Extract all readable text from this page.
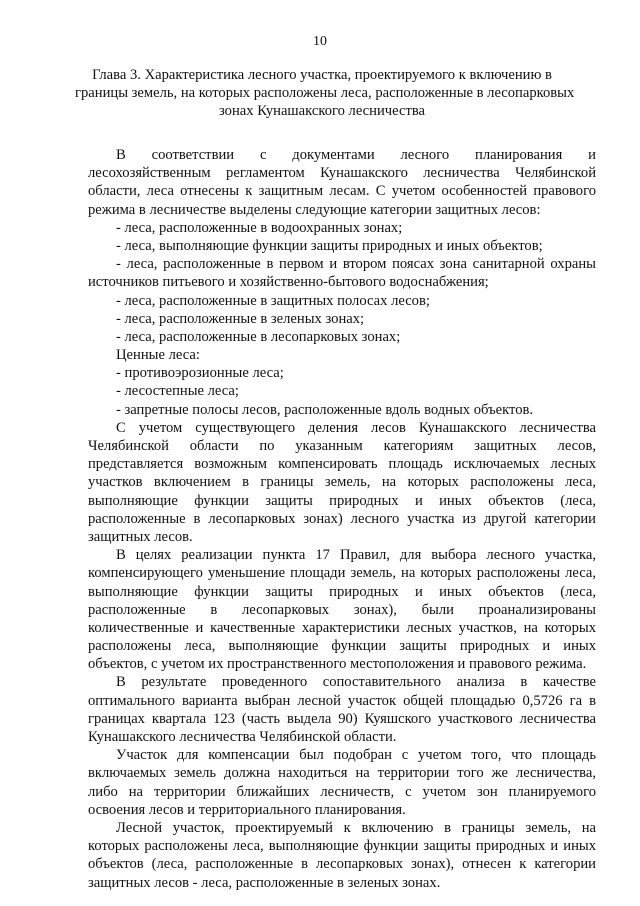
10
Глава 3. Характеристика лесного участка, проектируемого к включению в
границы земель, на которых расположены леса, расположенные в лесопарковых
зонах Кунашакского лесничества
В соответствии с документами лесного планирования и
лесохозяйственным регламентом Кунашакского лесничества Челябинской
области, леса отнесены к защитным лесам. С учетом особенностей правового
режима в лесничестве выделены следующие категории защитных лесов:
- леса, расположенные в водоохранных зонах;
- леса, выполняющие функции защиты природных и иных объектов;
- леса, расположенные в первом и втором поясах зона санитарной охраны
источников питьевого и хозяйственно-бытового водоснабжения;
- леса, расположенные в защитных полосах лесов;
- леса, расположенные в зеленых зонах;
- леса, расположенные в лесопарковых зонах;
Ценные леса:
- противоэрозионные леса;
- лесостепные леса;
- запретные полосы лесов, расположенные вдоль водных объектов.
С учетом существующего деления лесов Кунашакского лесничества
Челябинской области по указанным категориям защитных лесов,
представляется возможным компенсировать площадь исключаемых лесных
участков включением в границы земель, на которых расположены леса,
выполняющие функции защиты природных и иных объектов (леса,
расположенные в лесопарковых зонах) лесного участка из другой категории
защитных лесов.
В целях реализации пункта 17 Правил, для выбора лесного участка,
компенсирующего уменьшение площади земель, на которых расположены леса,
выполняющие функции защиты природных и иных объектов (леса,
расположенные в лесопарковых зонах), были проанализированы
количественные и качественные характеристики лесных участков, на которых
расположены леса, выполняющие функции защиты природных и иных
объектов, с учетом их пространственного местоположения и правового режима.
В результате проведенного сопоставительного анализа в качестве
оптимального варианта выбран лесной участок общей площадью 0,5726 га в
границах квартала 123 (часть выдела 90) Куяшского участкового лесничества
Кунашакского лесничества Челябинской области.
Участок для компенсации был подобран с учетом того, что площадь
включаемых земель должна находиться на территории того же лесничества,
либо на территории ближайших лесничеств, с учетом зон планируемого
освоения лесов и территориального планирования.
Лесной участок, проектируемый к включению в границы земель, на
которых расположены леса, выполняющие функции защиты природных и иных
объектов (леса, расположенные в лесопарковых зонах), отнесен к категории
защитных лесов - леса, расположенные в зеленых зонах.
